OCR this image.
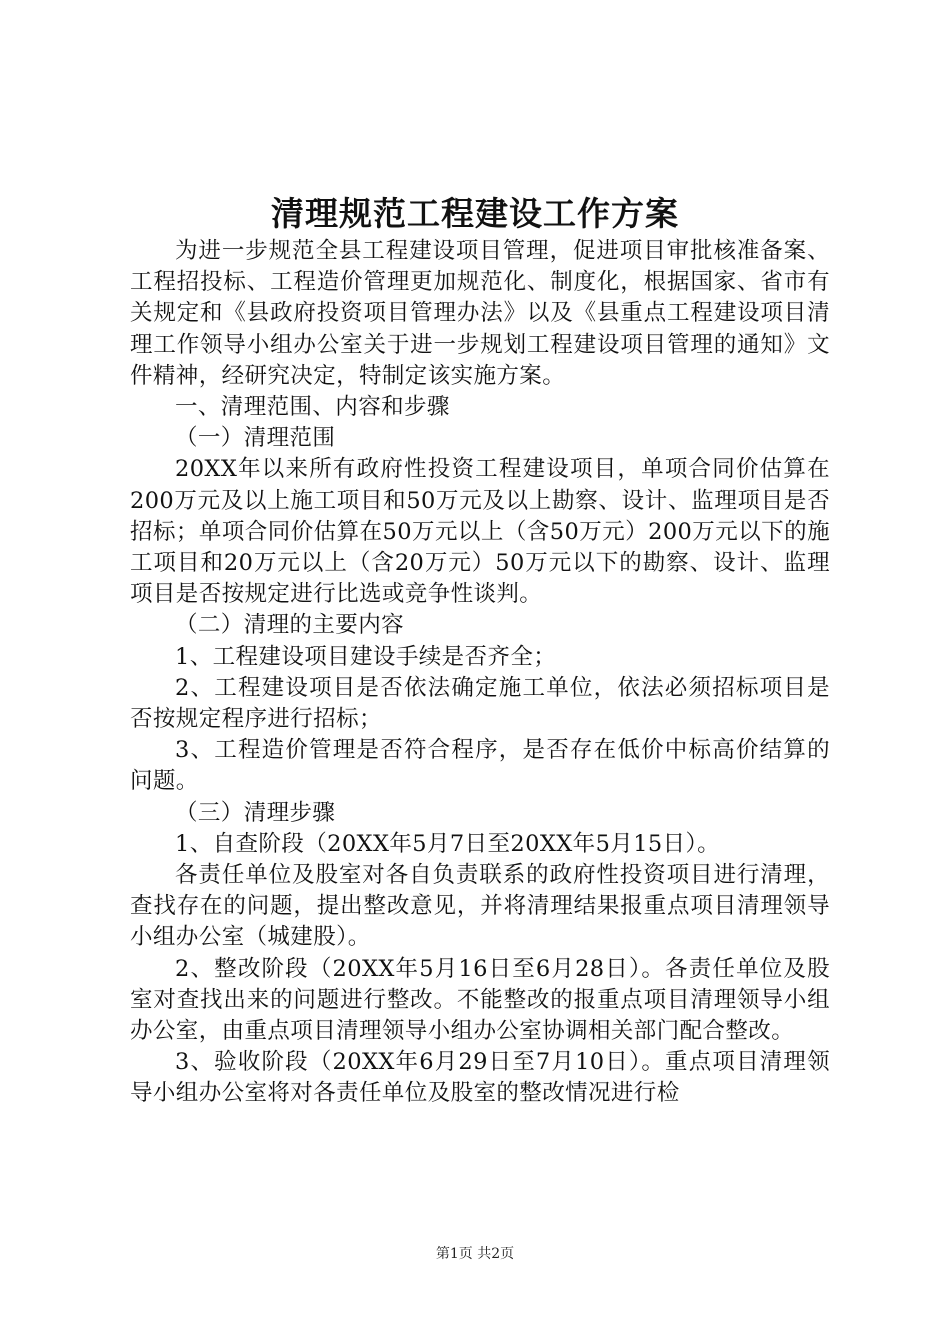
清理规范工程建设工作方案

为进一步规范全县工程建设项目管理，促进项目审批核准备案、工程招投标、工程造价管理更加规范化、制度化，根据国家、省市有关规定和《县政府投资项目管理办法》以及《县重点工程建设项目清理工作领导小组办公室关于进一步规划工程建设项目管理的通知》文件精神，经研究决定，特制定该实施方案。

一、清理范围、内容和步骤

（一）清理范围

20XX年以来所有政府性投资工程建设项目，单项合同价估算在200万元及以上施工项目和50万元及以上勘察、设计、监理项目是否招标；单项合同价估算在50万元以上（含50万元）200万元以下的施工项目和20万元以上（含20万元）50万元以下的勘察、设计、监理项目是否按规定进行比选或竞争性谈判。

（二）清理的主要内容

1、工程建设项目建设手续是否齐全；

2、工程建设项目是否依法确定施工单位，依法必须招标项目是否按规定程序进行招标；

3、工程造价管理是否符合程序，是否存在低价中标高价结算的问题。

（三）清理步骤

1、自查阶段（20XX年5月7日至20XX年5月15日）。

各责任单位及股室对各自负责联系的政府性投资项目进行清理，查找存在的问题，提出整改意见，并将清理结果报重点项目清理领导小组办公室（城建股）。

2、整改阶段（20XX年5月16日至6月28日）。各责任单位及股室对查找出来的问题进行整改。不能整改的报重点项目清理领导小组办公室，由重点项目清理领导小组办公室协调相关部门配合整改。

3、验收阶段（20XX年6月29日至7月10日）。重点项目清理领导小组办公室将对各责任单位及股室的整改情况进行检

第1页 共2页
